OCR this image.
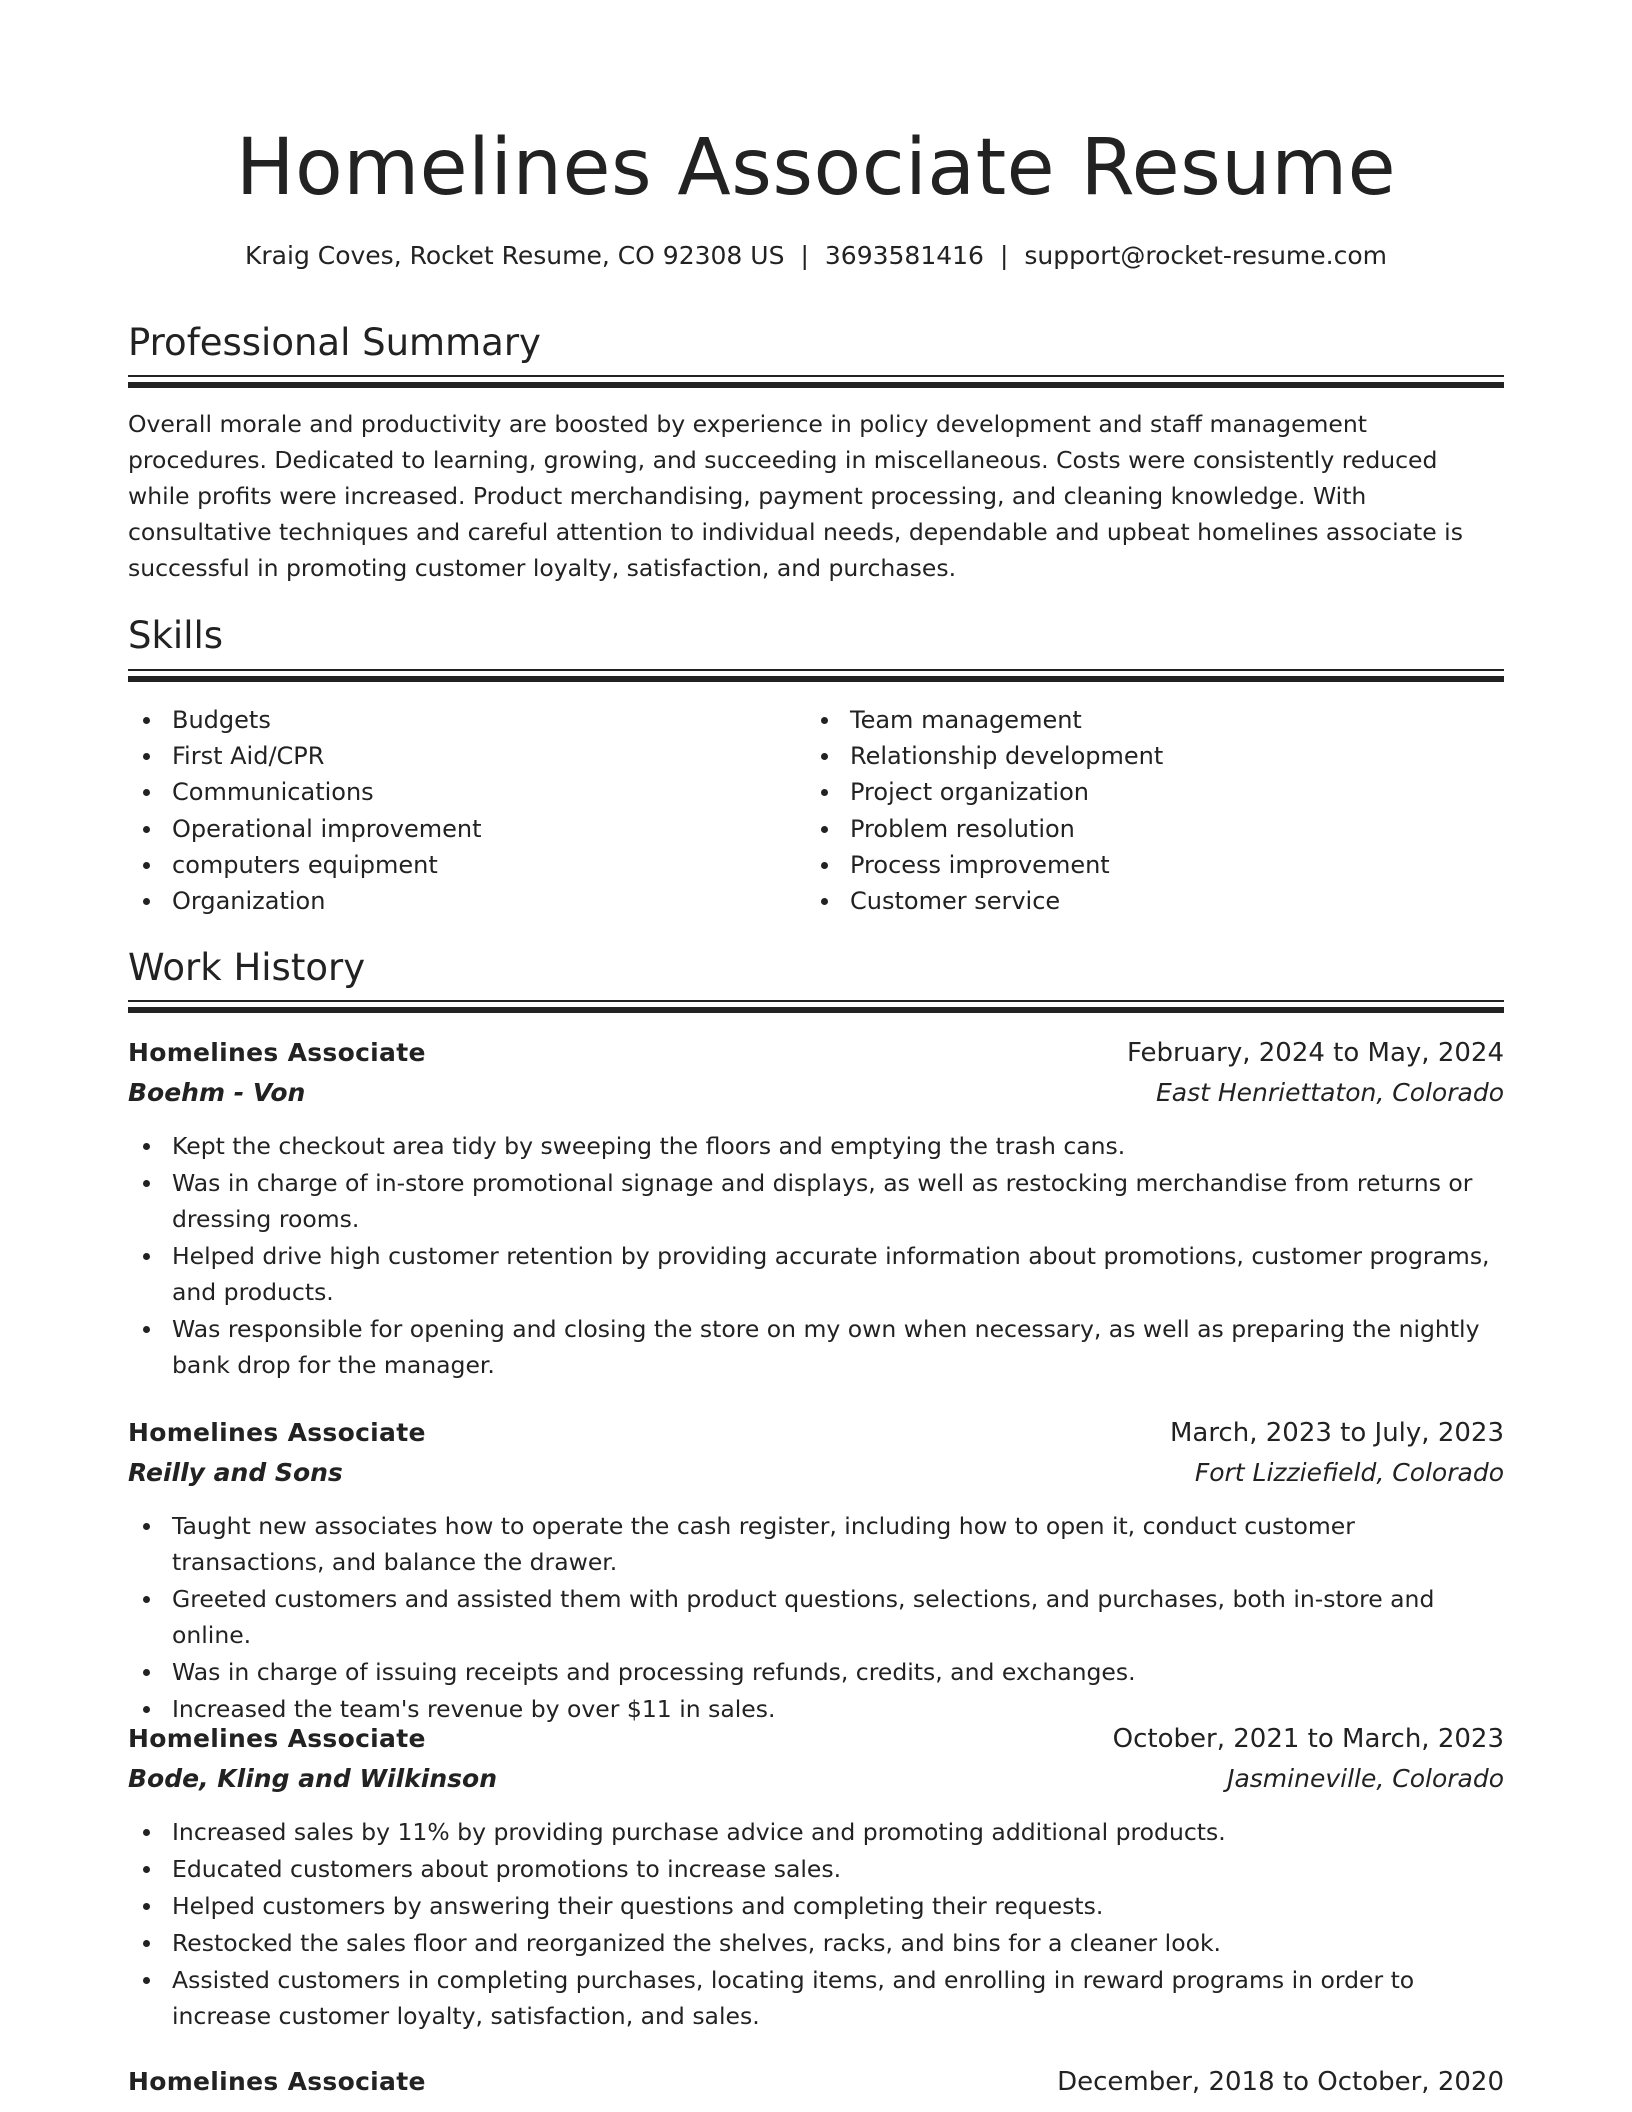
Homelines Associate Resume
Kraig Coves, Rocket Resume, CO 92308 US | 3693581416 | support@rocket-resume.com
Professional Summary

Overall morale and productivity are boosted by experience in policy development and staff management procedures. Dedicated to learning, growing, and succeeding in miscellaneous. Costs were consistently reduced while profits were increased. Product merchandising, payment processing, and cleaning knowledge. With consultative techniques and careful attention to individual needs, dependable and upbeat homelines associate is successful in promoting customer loyalty, satisfaction, and purchases.

Skills
Budgets
First Aid/CPR
Communications
Operational improvement
computers equipment
Organization
Team management
Relationship development
Project organization
Problem resolution
Process improvement
Customer service
Work History
Homelines Associate	February, 2024 to May, 2024
Boehm - Von	East Henriettaton, Colorado
Kept the checkout area tidy by sweeping the floors and emptying the trash cans.
Was in charge of in-store promotional signage and displays, as well as restocking merchandise from returns or dressing rooms.
Helped drive high customer retention by providing accurate information about promotions, customer programs, and products.
Was responsible for opening and closing the store on my own when necessary, as well as preparing the nightly bank drop for the manager.
Homelines Associate	March, 2023 to July, 2023
Reilly and Sons	Fort Lizziefield, Colorado
Taught new associates how to operate the cash register, including how to open it, conduct customer transactions, and balance the drawer.
Greeted customers and assisted them with product questions, selections, and purchases, both in-store and online.
Was in charge of issuing receipts and processing refunds, credits, and exchanges.
Increased the team's revenue by over $11 in sales.
Homelines Associate	October, 2021 to March, 2023
Bode, Kling and Wilkinson	Jasmineville, Colorado
Increased sales by 11% by providing purchase advice and promoting additional products.
Educated customers about promotions to increase sales.
Helped customers by answering their questions and completing their requests.
Restocked the sales floor and reorganized the shelves, racks, and bins for a cleaner look.
Assisted customers in completing purchases, locating items, and enrolling in reward programs in order to increase customer loyalty, satisfaction, and sales.
Homelines Associate	December, 2018 to October, 2020
